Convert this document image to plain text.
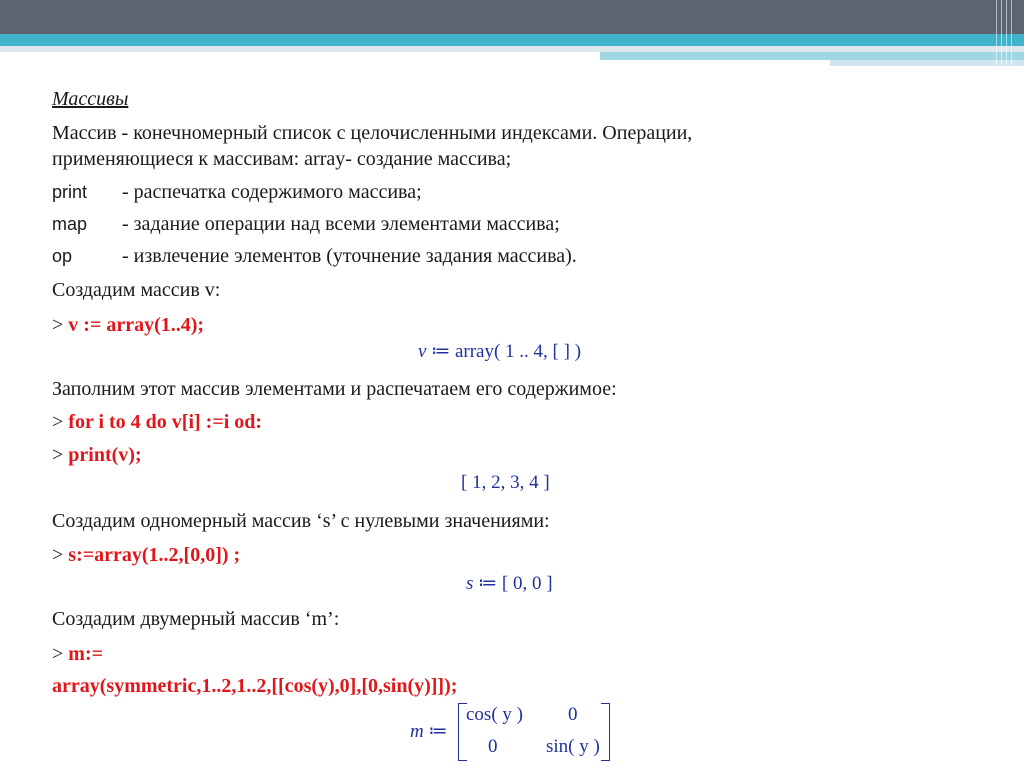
Массивы
Массив - конечномерный список с целочисленными индексами. Операции,
применяющиеся к массивам: array- создание массива;
print - распечатка содержимого массива;
map - задание операции над всеми элементами массива;
op - извлечение элементов (уточнение задания массива).
Создадим массив v:
> v := array(1..4);
v ≔ array( 1 .. 4, [ ] )
Заполним этот массив элементами и распечатаем его содержимое:
> for i to 4 do v[i] :=i od:
> print(v);
[ 1, 2, 3, 4 ]
Создадим одномерный массив ‘s’ с нулевыми значениями:
> s:=array(1..2,[0,0]) ;
s ≔ [ 0, 0 ]
Создадим двумерный массив ‘m’:
> m:=
array(symmetric,1..2,1..2,[[cos(y),0],[0,sin(y)]]);
m ≔
cos( y ) 0
0	sin( y )
